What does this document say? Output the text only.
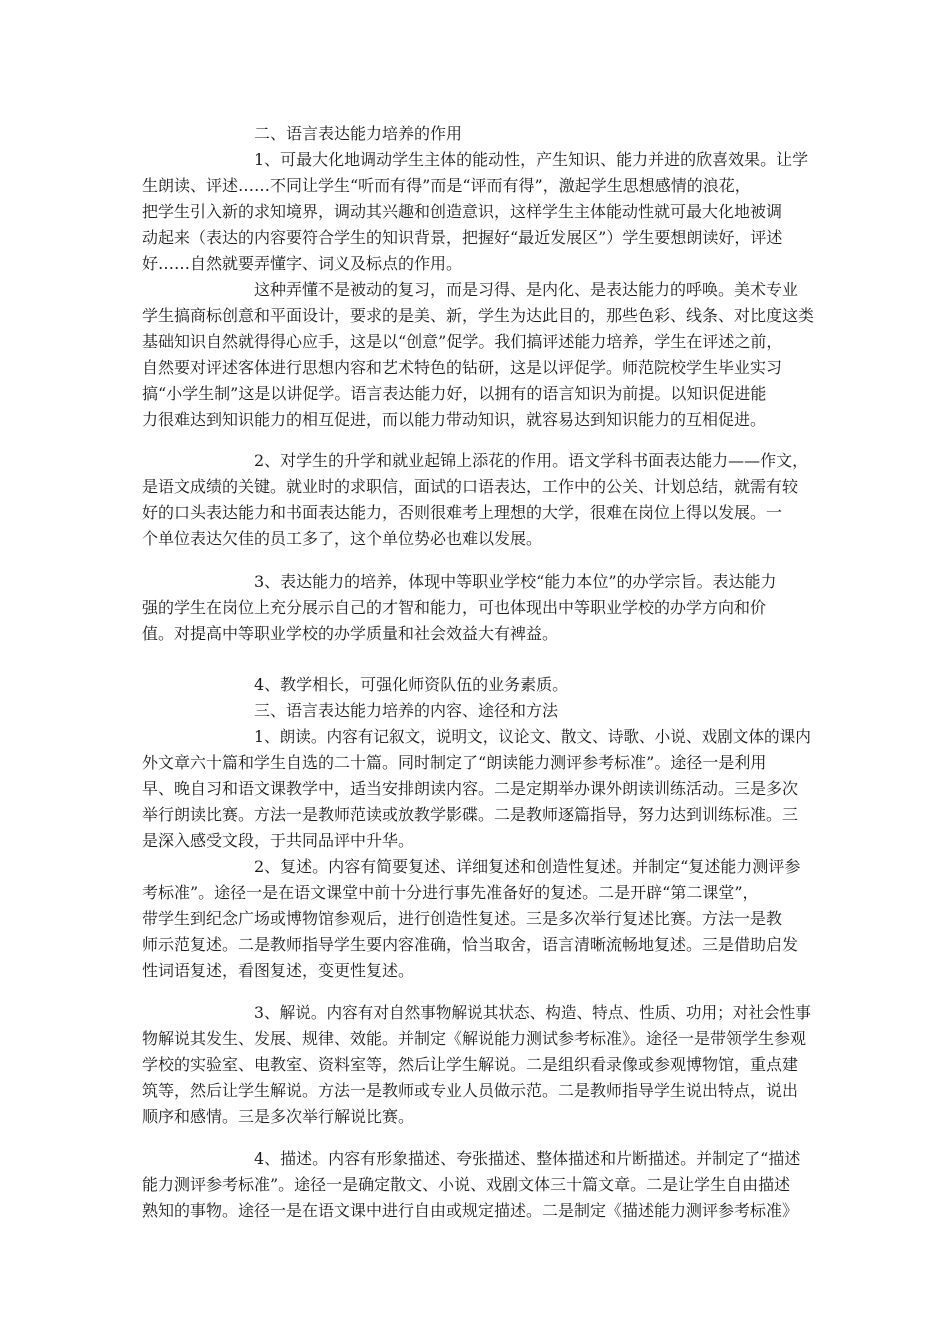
二、语言表达能力培养的作用
1、可最大化地调动学生主体的能动性，产生知识、能力并进的欣喜效果。让学
生朗读、评述……不同让学生“听而有得”而是“评而有得”，激起学生思想感情的浪花，
把学生引入新的求知境界，调动其兴趣和创造意识，这样学生主体能动性就可最大化地被调
动起来（表达的内容要符合学生的知识背景，把握好“最近发展区”）学生要想朗读好，评述
好……自然就要弄懂字、词义及标点的作用。
这种弄懂不是被动的复习，而是习得、是内化、是表达能力的呼唤。美术专业
学生搞商标创意和平面设计，要求的是美、新，学生为达此目的，那些色彩、线条、对比度这类
基础知识自然就得得心应手，这是以“创意”促学。我们搞评述能力培养，学生在评述之前，
自然要对评述客体进行思想内容和艺术特色的钻研，这是以评促学。师范院校学生毕业实习
搞“小学生制”这是以讲促学。语言表达能力好，以拥有的语言知识为前提。以知识促进能
力很难达到知识能力的相互促进，而以能力带动知识，就容易达到知识能力的互相促进。
2、对学生的升学和就业起锦上添花的作用。语文学科书面表达能力——作文，
是语文成绩的关键。就业时的求职信，面试的口语表达，工作中的公关、计划总结，就需有较
好的口头表达能力和书面表达能力，否则很难考上理想的大学，很难在岗位上得以发展。一
个单位表达欠佳的员工多了，这个单位势必也难以发展。
3、表达能力的培养，体现中等职业学校“能力本位”的办学宗旨。表达能力
强的学生在岗位上充分展示自己的才智和能力，可也体现出中等职业学校的办学方向和价
值。对提高中等职业学校的办学质量和社会效益大有裨益。
4、教学相长，可强化师资队伍的业务素质。
三、语言表达能力培养的内容、途径和方法
1、朗读。内容有记叙文，说明文，议论文、散文、诗歌、小说、戏剧文体的课内
外文章六十篇和学生自选的二十篇。同时制定了“朗读能力测评参考标准”。途径一是利用
早、晚自习和语文课教学中，适当安排朗读内容。二是定期举办课外朗读训练活动。三是多次
举行朗读比赛。方法一是教师范读或放教学影碟。二是教师逐篇指导，努力达到训练标准。三
是深入感受文段，于共同品评中升华。
2、复述。内容有简要复述、详细复述和创造性复述。并制定“复述能力测评参
考标准”。途径一是在语文课堂中前十分进行事先准备好的复述。二是开辟“第二课堂”，
带学生到纪念广场或博物馆参观后，进行创造性复述。三是多次举行复述比赛。方法一是教
师示范复述。二是教师指导学生要内容准确，恰当取舍，语言清晰流畅地复述。三是借助启发
性词语复述，看图复述，变更性复述。
3、解说。内容有对自然事物解说其状态、构造、特点、性质、功用；对社会性事
物解说其发生、发展、规律、效能。并制定《解说能力测试参考标准》。途径一是带领学生参观
学校的实验室、电教室、资料室等，然后让学生解说。二是组织看录像或参观博物馆，重点建
筑等，然后让学生解说。方法一是教师或专业人员做示范。二是教师指导学生说出特点，说出
顺序和感情。三是多次举行解说比赛。
4、描述。内容有形象描述、夸张描述、整体描述和片断描述。并制定了“描述
能力测评参考标准”。途径一是确定散文、小说、戏剧文体三十篇文章。二是让学生自由描述
熟知的事物。途径一是在语文课中进行自由或规定描述。二是制定《描述能力测评参考标准》
